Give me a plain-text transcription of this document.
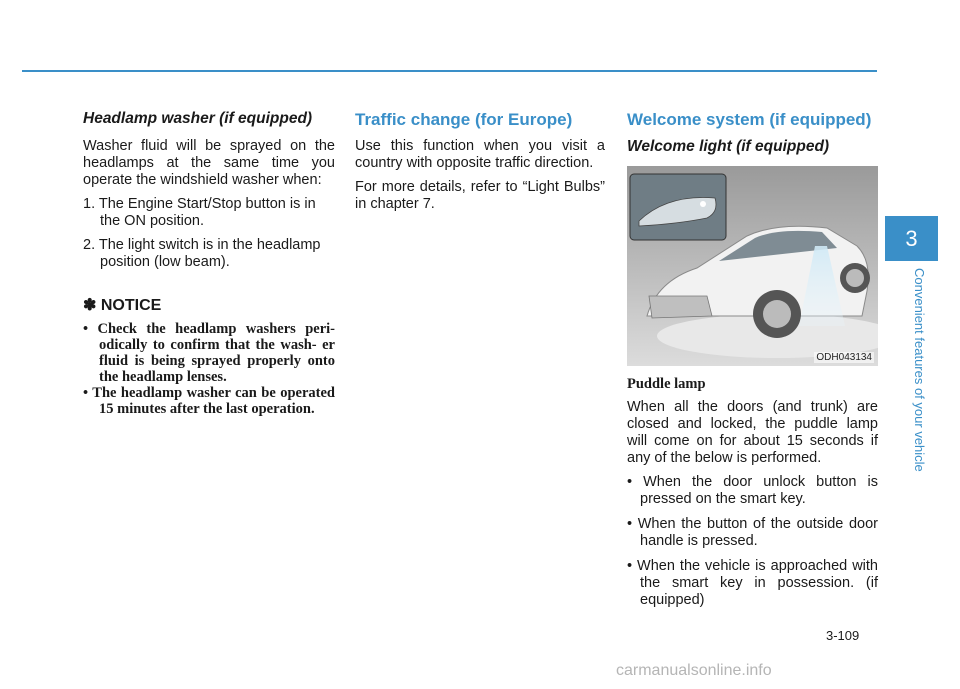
Headlamp washer (if equipped)

Washer fluid will be sprayed on the headlamps at the same time you operate the windshield washer when:

1. The Engine Start/Stop button is in the ON position.
2. The light switch is in the headlamp position (low beam).
✽ NOTICE
• Check the headlamp washers peri- odically to confirm that the wash- er fluid is being sprayed properly onto the headlamp lenses.
• The headlamp washer can be operated 15 minutes after the last operation.
Traffic change (for Europe)

Use this function when you visit a country with opposite traffic direction.

For more details, refer to “Light Bulbs” in chapter 7.

Welcome system (if equipped)
Welcome light (if equipped)
ODH043134
Puddle lamp

When all the doors (and trunk) are closed and locked, the puddle lamp will come on for about 15 seconds if any of the below is performed.

• When the door unlock button is pressed on the smart key.
• When the button of the outside door handle is pressed.
• When the vehicle is approached with the smart key in possession. (if equipped)
3
Convenient features of your vehicle
3-109
carmanualsonline.info
